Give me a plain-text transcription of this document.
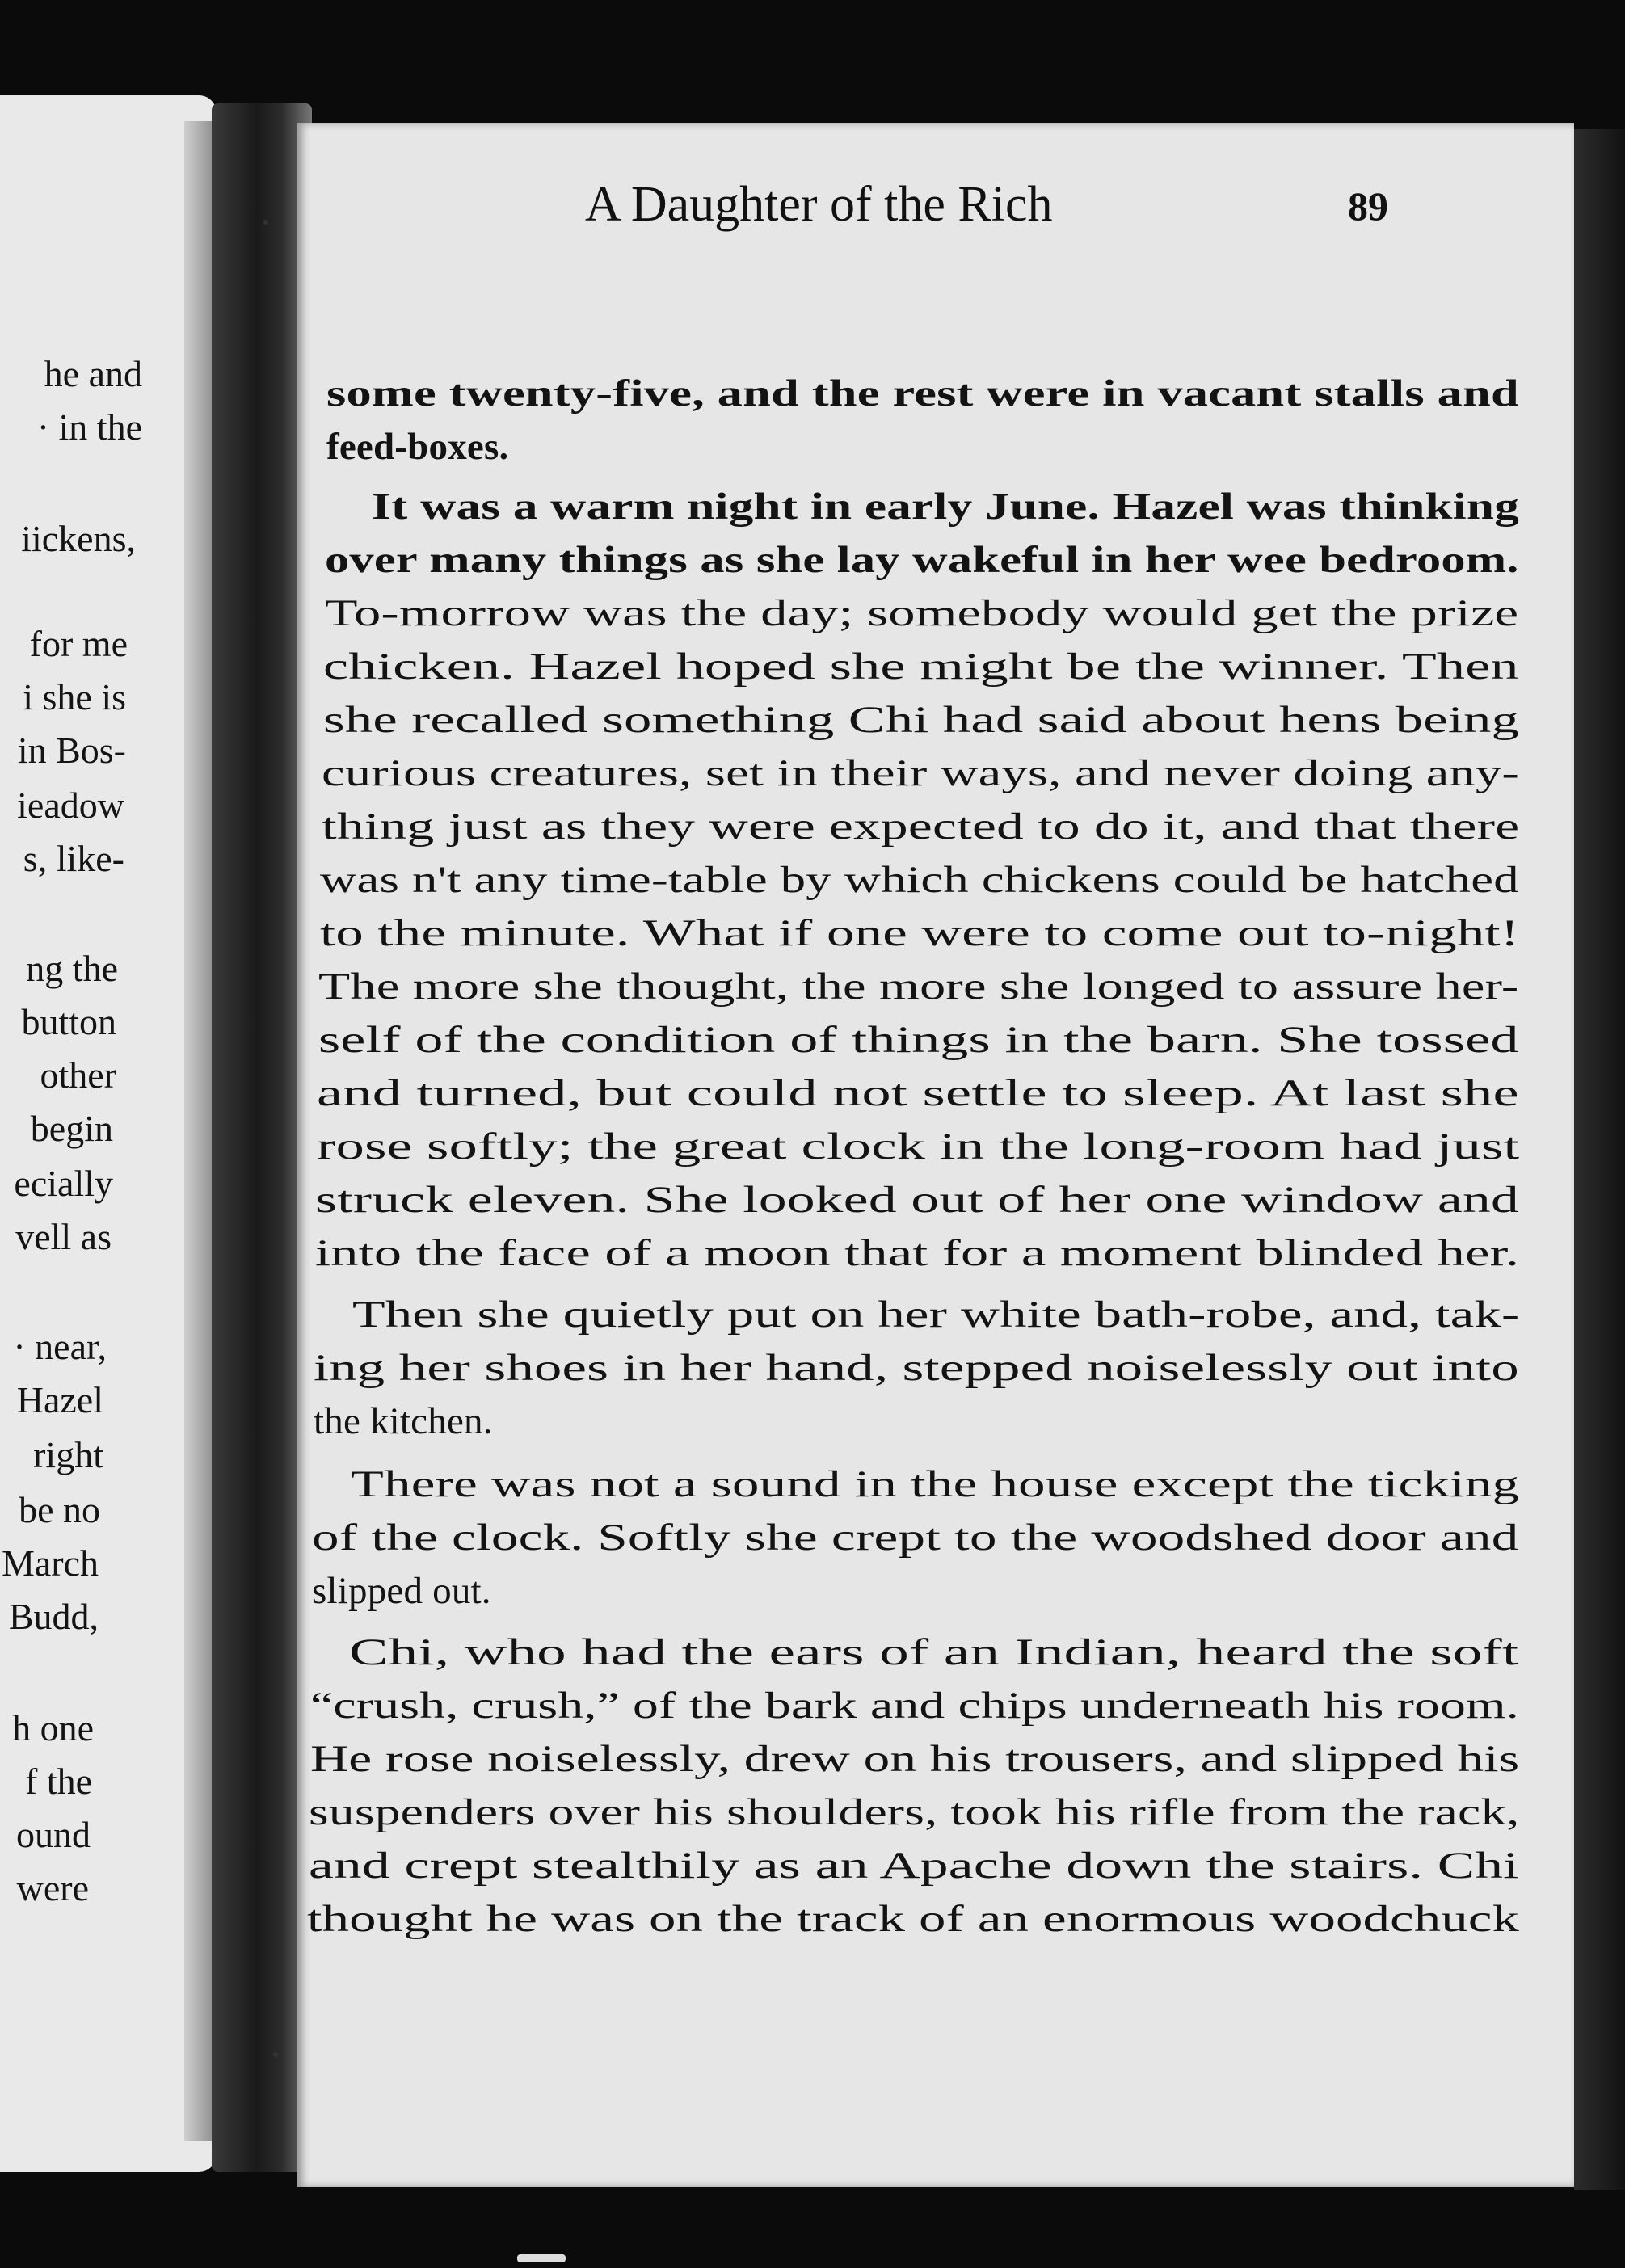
he and
· in the
iickens,
for me
i she is
in Bos-
ieadow
s, like-
ng the
button
other
begin
ecially
vell as
· near,
Hazel
right
be no
March
Budd,
h one
f the
ound
were
A Daughter of the Rich	89
some twenty-five, and the rest were in vacant stalls and
feed-boxes.
It was a warm night in early June. Hazel was thinking
over many things as she lay wakeful in her wee bedroom.
To-morrow was the day; somebody would get the prize
chicken. Hazel hoped she might be the winner. Then
she recalled something Chi had said about hens being
curious creatures, set in their ways, and never doing any-
thing just as they were expected to do it, and that there
was n't any time-table by which chickens could be hatched
to the minute. What if one were to come out to-night!
The more she thought, the more she longed to assure her-
self of the condition of things in the barn. She tossed
and turned, but could not settle to sleep. At last she
rose softly; the great clock in the long-room had just
struck eleven. She looked out of her one window and
into the face of a moon that for a moment blinded her.
Then she quietly put on her white bath-robe, and, tak-
ing her shoes in her hand, stepped noiselessly out into
the kitchen.
There was not a sound in the house except the ticking
of the clock. Softly she crept to the woodshed door and
slipped out.
Chi, who had the ears of an Indian, heard the soft
“crush, crush,” of the bark and chips underneath his room.
He rose noiselessly, drew on his trousers, and slipped his
suspenders over his shoulders, took his rifle from the rack,
and crept stealthily as an Apache down the stairs. Chi
thought he was on the track of an enormous woodchuck
